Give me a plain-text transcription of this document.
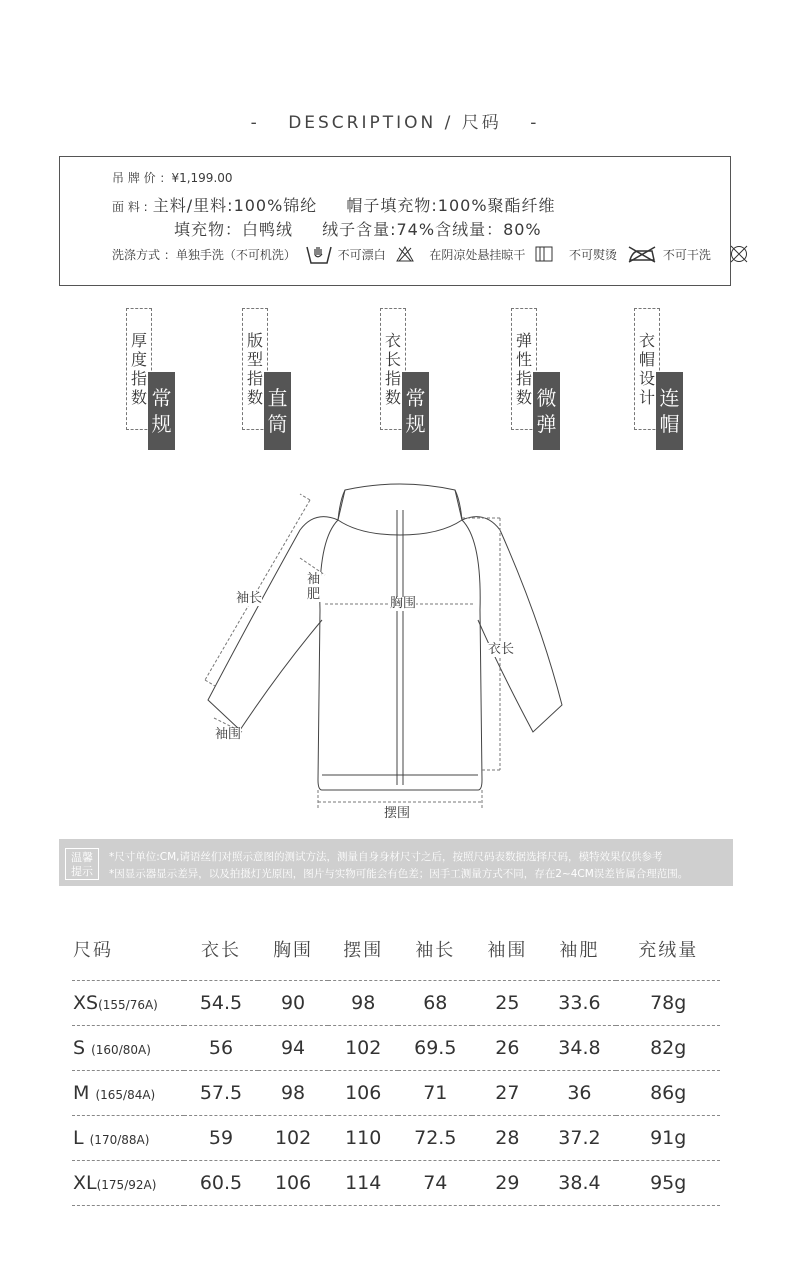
- DESCRIPTION / 尺码 -
吊 牌 价 ：¥1,199.00
面 料 : 主料/里料:100%锦纶 帽子填充物:100%聚酯纤维
填充物：白鸭绒 绒子含量:74%含绒量：80%
洗涤方式 ：单独手洗（不可机洗）	不可漂白	在阴凉处悬挂晾干	不可熨烫	不可干洗
厚
度
指
数 常
规
版
型
指
数 直
筒
衣
长
指
数 常
规
弹
性
指
数 微
弹
衣
帽
设
计 连
帽
袖长
袖肥
胸围
衣长
袖围
摆围
温馨提示
*尺寸单位:CM,请语丝们对照示意图的测试方法，测量自身身材尺寸之后，按照尺码表数据选择尺码，模特效果仅供参考
*因显示器显示差异，以及拍摄灯光原因，图片与实物可能会有色差；因手工测量方式不同，存在2~4CM误差皆属合理范围。
尺码	衣长	胸围	摆围	袖长	袖围	袖肥	充绒量
XS(155/76A)	54.5	90	98	68	25	33.6	78g
S (160/80A)	56	94	102	69.5	26	34.8	82g
M (165/84A)	57.5	98	106	71	27	36	86g
L (170/88A)	59	102	110	72.5	28	37.2	91g
XL(175/92A)	60.5	106	114	74	29	38.4	95g
